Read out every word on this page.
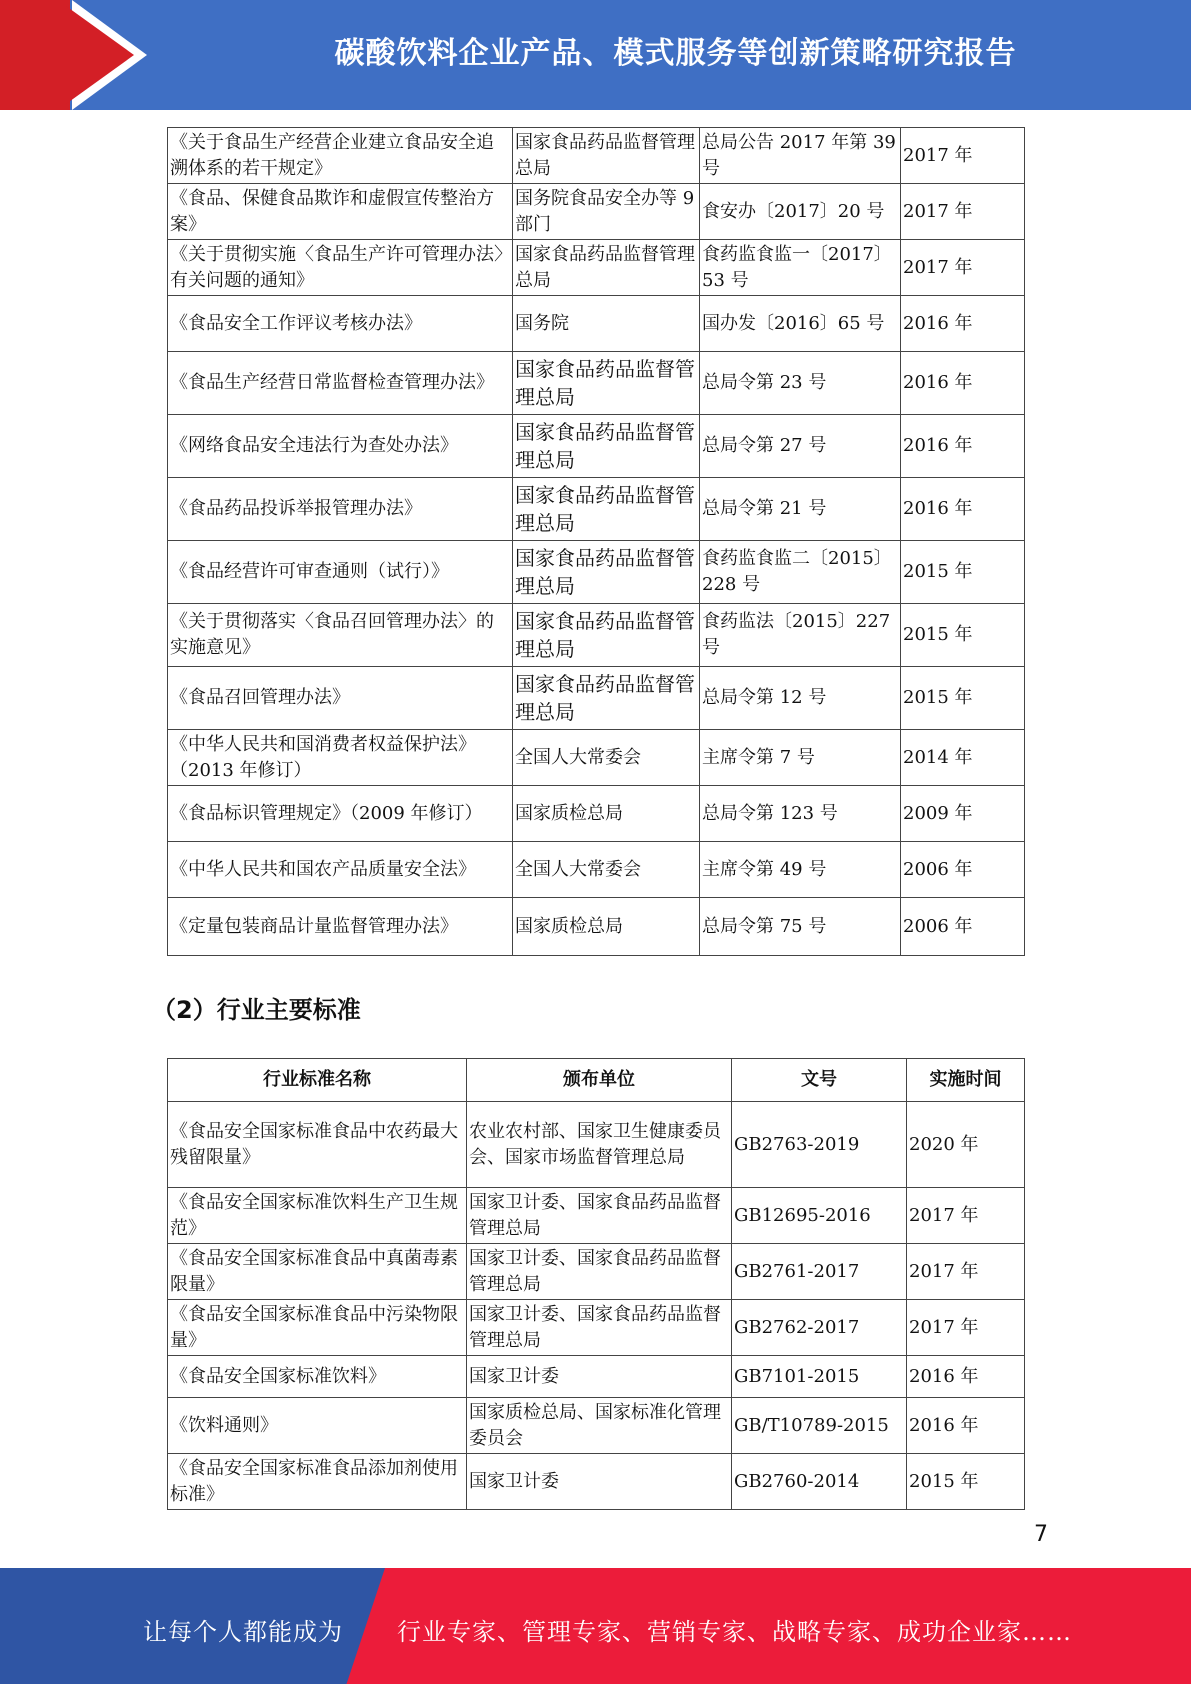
碳酸饮料企业产品、模式服务等创新策略研究报告
《关于食品生产经营企业建立食品安全追溯体系的若干规定》	国家食品药品监督管理总局	总局公告 2017 年第 39 号	2017 年
《食品、保健食品欺诈和虚假宣传整治方案》	国务院食品安全办等 9 部门	食安办〔2017〕20 号	2017 年
《关于贯彻实施〈食品生产许可管理办法〉有关问题的通知》	国家食品药品监督管理总局	食药监食监一〔2017〕53 号	2017 年
《食品安全工作评议考核办法》	国务院	国办发〔2016〕65 号	2016 年
《食品生产经营日常监督检查管理办法》	国家食品药品监督管理总局	总局令第 23 号	2016 年
《网络食品安全违法行为查处办法》	国家食品药品监督管理总局	总局令第 27 号	2016 年
《食品药品投诉举报管理办法》	国家食品药品监督管理总局	总局令第 21 号	2016 年
《食品经营许可审查通则（试行）》	国家食品药品监督管理总局	食药监食监二〔2015〕228 号	2015 年
《关于贯彻落实〈食品召回管理办法〉的实施意见》	国家食品药品监督管理总局	食药监法〔2015〕227 号	2015 年
《食品召回管理办法》	国家食品药品监督管理总局	总局令第 12 号	2015 年
《中华人民共和国消费者权益保护法》（2013 年修订）	全国人大常委会	主席令第 7 号	2014 年
《食品标识管理规定》（2009 年修订）	国家质检总局	总局令第 123 号	2009 年
《中华人民共和国农产品质量安全法》	全国人大常委会	主席令第 49 号	2006 年
《定量包装商品计量监督管理办法》	国家质检总局	总局令第 75 号	2006 年
（2）行业主要标准
行业标准名称	颁布单位	文号	实施时间
《食品安全国家标准食品中农药最大残留限量》	农业农村部、国家卫生健康委员会、国家市场监督管理总局	GB2763-2019	2020 年
《食品安全国家标准饮料生产卫生规范》	国家卫计委、国家食品药品监督管理总局	GB12695-2016	2017 年
《食品安全国家标准食品中真菌毒素限量》	国家卫计委、国家食品药品监督管理总局	GB2761-2017	2017 年
《食品安全国家标准食品中污染物限量》	国家卫计委、国家食品药品监督管理总局	GB2762-2017	2017 年
《食品安全国家标准饮料》	国家卫计委	GB7101-2015	2016 年
《饮料通则》	国家质检总局、国家标准化管理委员会	GB/T10789-2015	2016 年
《食品安全国家标准食品添加剂使用标准》	国家卫计委	GB2760-2014	2015 年
7
让每个人都能成为 行业专家、管理专家、营销专家、战略专家、成功企业家……
